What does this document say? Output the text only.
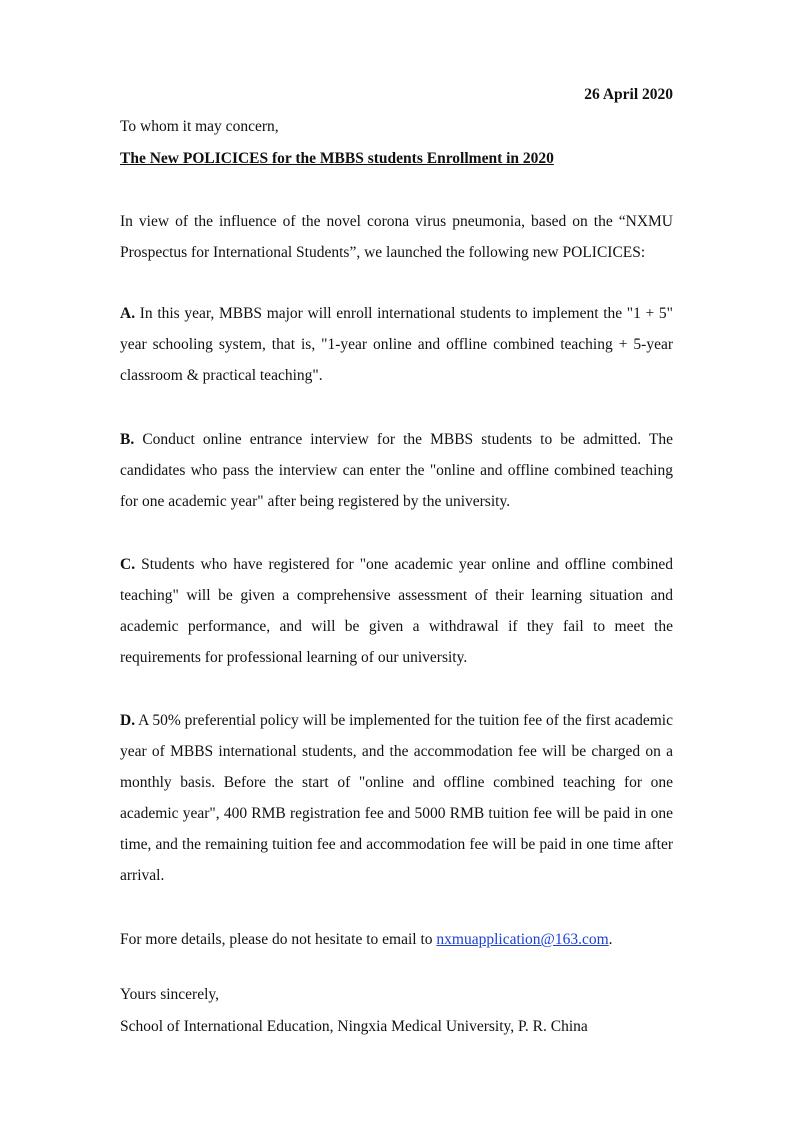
26 April 2020
To whom it may concern,
The New POLICICES for the MBBS students Enrollment in 2020
In view of the influence of the novel corona virus pneumonia, based on the “NXMU Prospectus for International Students”, we launched the following new POLICICES:
A. In this year, MBBS major will enroll international students to implement the "1 + 5" year schooling system, that is, "1-year online and offline combined teaching + 5-year classroom & practical teaching".
B. Conduct online entrance interview for the MBBS students to be admitted. The candidates who pass the interview can enter the "online and offline combined teaching for one academic year" after being registered by the university.
C. Students who have registered for "one academic year online and offline combined teaching" will be given a comprehensive assessment of their learning situation and academic performance, and will be given a withdrawal if they fail to meet the requirements for professional learning of our university.
D. A 50% preferential policy will be implemented for the tuition fee of the first academic year of MBBS international students, and the accommodation fee will be charged on a monthly basis. Before the start of "online and offline combined teaching for one academic year", 400 RMB registration fee and 5000 RMB tuition fee will be paid in one time, and the remaining tuition fee and accommodation fee will be paid in one time after arrival.
For more details, please do not hesitate to email to nxmuapplication@163.com.
Yours sincerely,
School of International Education, Ningxia Medical University, P. R. China
